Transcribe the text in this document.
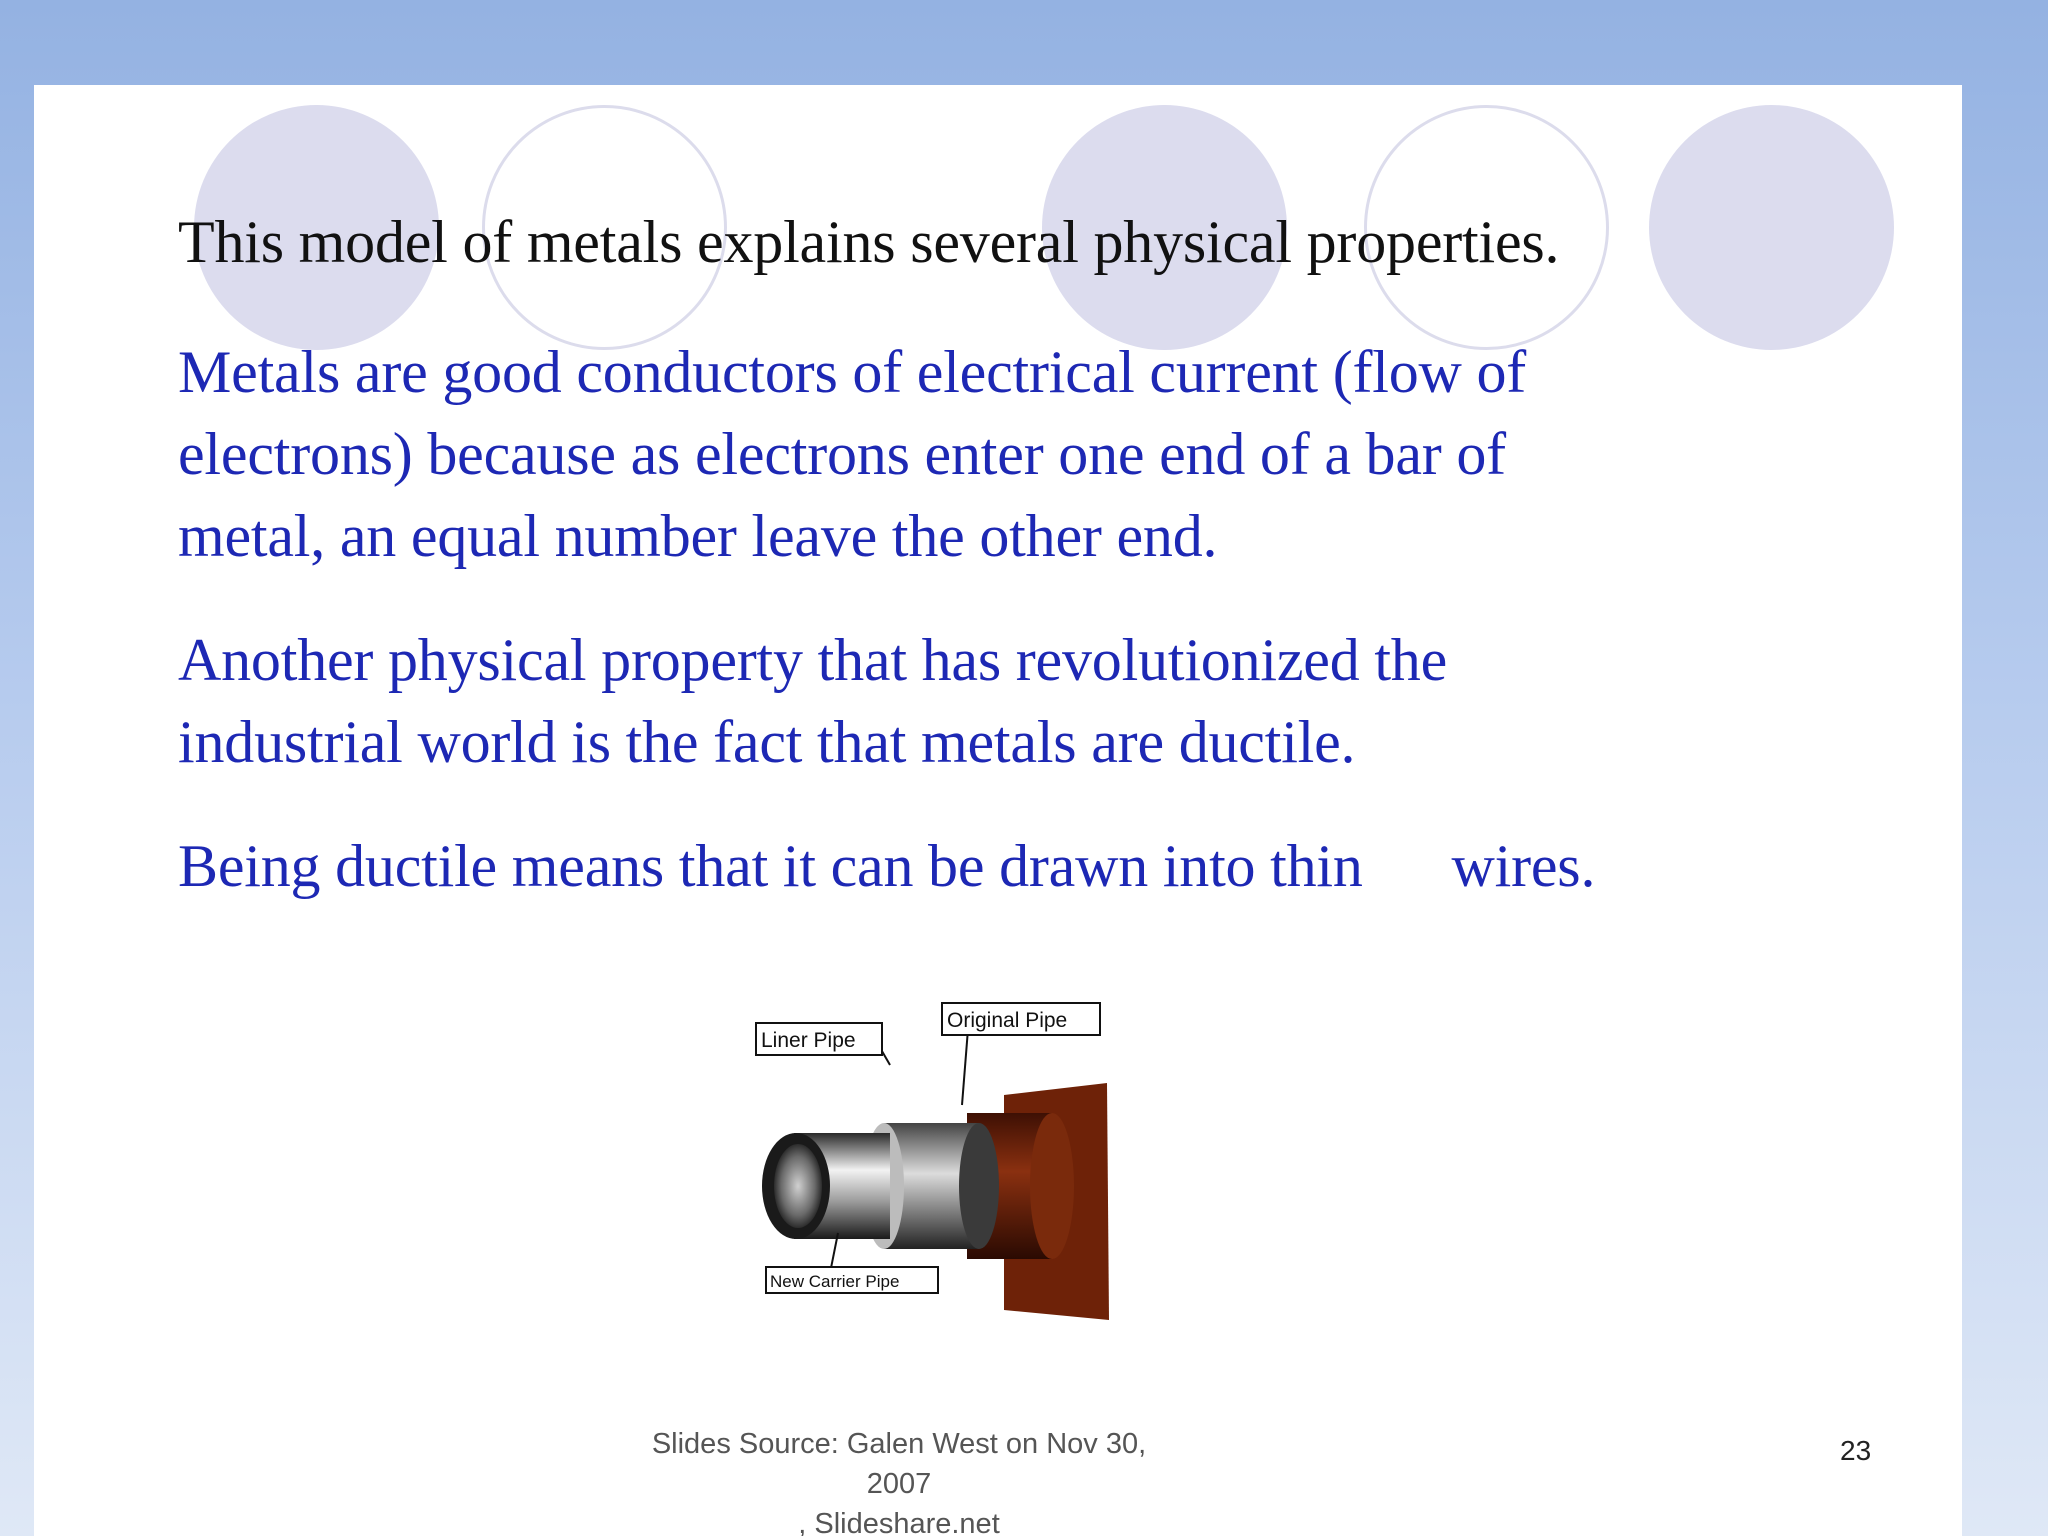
This model of metals explains several physical properties.

Metals are good conductors of electrical current (flow of
electrons) because as electrons enter one end of a bar of
metal, an equal number leave the other end.

Another physical property that has revolutionized the
industrial world is the fact that metals are ductile.

Being ductile means that it can be drawn into thin      wires.

Liner Pipe
Original Pipe
New Carrier Pipe
Slides Source: Galen West on Nov 30, 2007
, Slideshare.net
23
